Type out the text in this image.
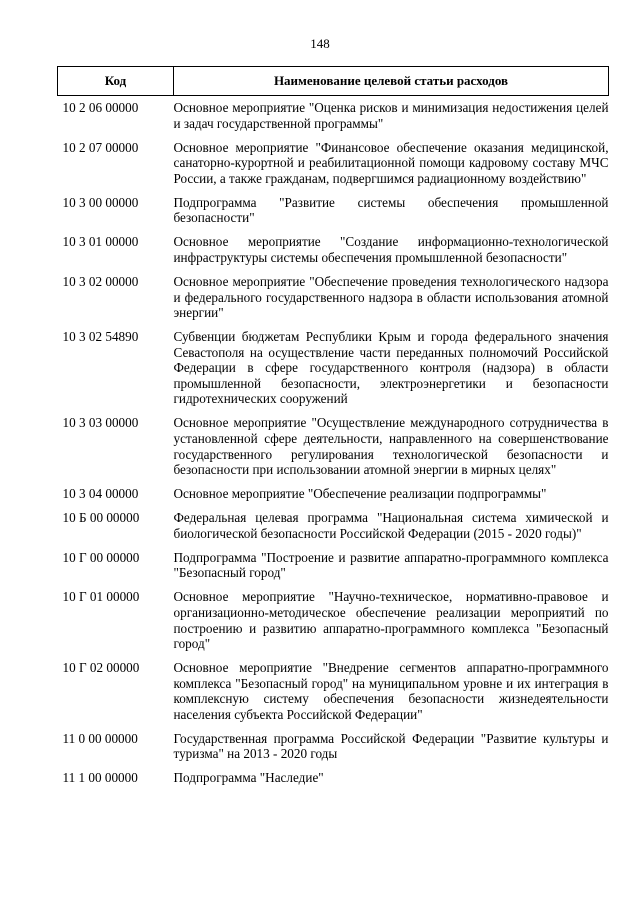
148
Код	Наименование целевой статьи расходов
10 2 06 00000	Основное мероприятие "Оценка рисков и минимизация недостижения целей и задач государственной программы"
10 2 07 00000	Основное мероприятие "Финансовое обеспечение оказания медицинской, санаторно-курортной и реабилитационной помощи кадровому составу МЧС России, а также гражданам, подвергшимся радиационному воздействию"
10 3 00 00000	Подпрограмма "Развитие системы обеспечения промышленной безопасности"
10 3 01 00000	Основное мероприятие "Создание информационно-технологической инфраструктуры системы обеспечения промышленной безопасности"
10 3 02 00000	Основное мероприятие "Обеспечение проведения технологического надзора и федерального государственного надзора в области использования атомной энергии"
10 3 02 54890	Субвенции бюджетам Республики Крым и города федерального значения Севастополя на осуществление части переданных полномочий Российской Федерации в сфере государственного контроля (надзора) в области промышленной безопасности, электроэнергетики и безопасности гидротехнических сооружений
10 3 03 00000	Основное мероприятие "Осуществление международного сотрудничества в установленной сфере деятельности, направленного на совершенствование государственного регулирования технологической безопасности и безопасности при использовании атомной энергии в мирных целях"
10 3 04 00000	Основное мероприятие "Обеспечение реализации подпрограммы"
10 Б 00 00000	Федеральная целевая программа "Национальная система химической и биологической безопасности Российской Федерации (2015 - 2020 годы)"
10 Г 00 00000	Подпрограмма "Построение и развитие аппаратно-программного комплекса "Безопасный город"
10 Г 01 00000	Основное мероприятие "Научно-техническое, нормативно-правовое и организационно-методическое обеспечение реализации мероприятий по построению и развитию аппаратно-программного комплекса "Безопасный город"
10 Г 02 00000	Основное мероприятие "Внедрение сегментов аппаратно-программного комплекса "Безопасный город" на муниципальном уровне и их интеграция в комплексную систему обеспечения безопасности жизнедеятельности населения субъекта Российской Федерации"
11 0 00 00000	Государственная программа Российской Федерации "Развитие культуры и туризма" на 2013 - 2020 годы
11 1 00 00000	Подпрограмма "Наследие"
